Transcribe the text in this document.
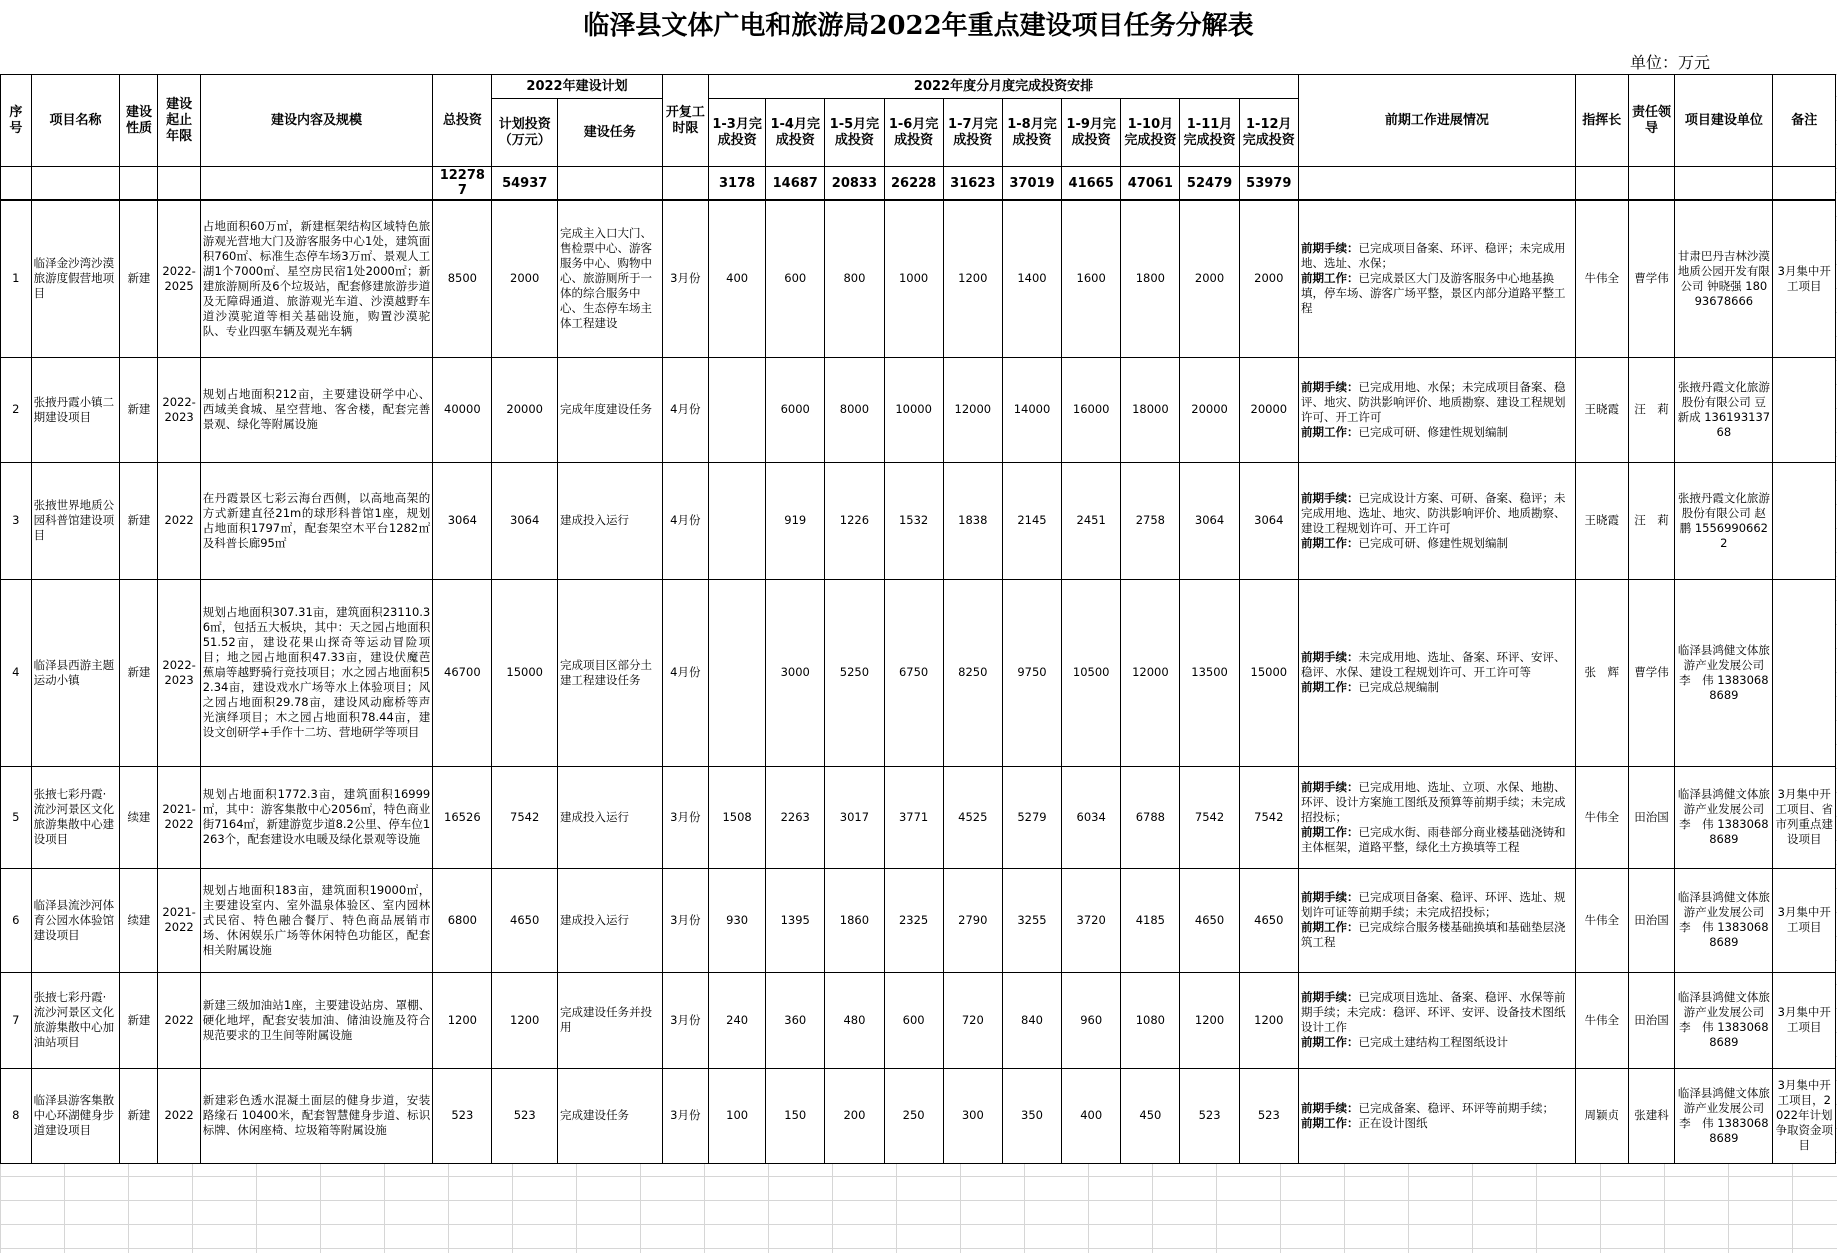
临泽县文体广电和旅游局2022年重点建设项目任务分解表
单位：万元
序号	项目名称	建设性质	建设起止年限	建设内容及规模	总投资	2022年建设计划		开复工时限	2022年度分月度完成投资安排										前期工作进展情况	指挥长	责任领导	项目建设单位	备注
						计划投资（万元）	建设任务		1-3月完成投资	1-4月完成投资	1-5月完成投资	1-6月完成投资	1-7月完成投资	1-8月完成投资	1-9月完成投资	1-10月完成投资	1-11月完成投资	1-12月完成投资					
					122787	54937			3178	14687	20833	26228	31623	37019	41665	47061	52479	53979					
1	临泽金沙湾沙漠旅游度假营地项目	新建	2022-2025	占地面积60万㎡，新建框架结构区域特色旅游观光营地大门及游客服务中心1处，建筑面积760㎡、标准生态停车场3万㎡、景观人工湖1个7000㎡、星空房民宿1处2000㎡；新建旅游厕所及6个垃圾站，配套修建旅游步道及无障碍通道、旅游观光车道、沙漠越野车道沙漠驼道等相关基础设施，购置沙漠驼队、专业四驱车辆及观光车辆	8500	2000	完成主入口大门、售检票中心、游客服务中心、购物中心、旅游厕所于一体的综合服务中心、生态停车场主体工程建设	3月份	400	600	800	1000	1200	1400	1600	1800	2000	2000	前期手续：已完成项目备案、环评、稳评；未完成用地、选址、水保；
前期工作：已完成景区大门及游客服务中心地基换填，停车场、游客广场平整，景区内部分道路平整工程	牛伟全	曹学伟	甘肃巴丹吉林沙漠地质公园开发有限公司 钟晓强 18093678666	3月集中开工项目
2	张掖丹霞小镇二期建设项目	新建	2022-2023	规划占地面积212亩，主要建设研学中心、西域美食城、星空营地、客舍楼，配套完善景观、绿化等附属设施	40000	20000	完成年度建设任务	4月份		6000	8000	10000	12000	14000	16000	18000	20000	20000	前期手续：已完成用地、水保；未完成项目备案、稳评、地灾、防洪影响评价、地质勘察、建设工程规划许可、开工许可
前期工作：已完成可研、修建性规划编制	王晓霞	汪　莉	张掖丹霞文化旅游股份有限公司 豆新成 13619313768	
3	张掖世界地质公园科普馆建设项目	新建	2022	在丹霞景区七彩云海台西侧，以高地高架的方式新建直径21m的球形科普馆1座，规划占地面积1797㎡，配套架空木平台1282㎡及科普长廊95㎡	3064	3064	建成投入运行	4月份		919	1226	1532	1838	2145	2451	2758	3064	3064	前期手续：已完成设计方案、可研、备案、稳评；未完成用地、选址、地灾、防洪影响评价、地质勘察、建设工程规划许可、开工许可
前期工作：已完成可研、修建性规划编制	王晓霞	汪　莉	张掖丹霞文化旅游股份有限公司 赵　鹏 15569906622	
4	临泽县西游主题运动小镇	新建	2022-2023	规划占地面积307.31亩，建筑面积23110.36㎡，包括五大板块，其中：天之园占地面积51.52亩，建设花果山探奇等运动冒险项目；地之园占地面积47.33亩，建设伏魔芭蕉扇等越野骑行竞技项目；水之园占地面积52.34亩，建设戏水广场等水上体验项目；风之园占地面积29.78亩，建设风动廊桥等声光演绎项目；木之园占地面积78.44亩，建设文创研学+手作十二坊、营地研学等项目	46700	15000	完成项目区部分土建工程建设任务	4月份		3000	5250	6750	8250	9750	10500	12000	13500	15000	前期手续：未完成用地、选址、备案、环评、安评、稳评、水保、建设工程规划许可、开工许可等
前期工作：已完成总规编制	张　辉	曹学伟	临泽县鸿健文体旅游产业发展公司 李　伟 13830688689	
5	张掖七彩丹霞·流沙河景区文化旅游集散中心建设项目	续建	2021-2022	规划占地面积1772.3亩，建筑面积16999㎡，其中：游客集散中心2056㎡，特色商业街7164㎡，新建游览步道8.2公里、停车位1263个，配套建设水电暖及绿化景观等设施	16526	7542	建成投入运行	3月份	1508	2263	3017	3771	4525	5279	6034	6788	7542	7542	前期手续：已完成用地、选址、立项、水保、地勘、环评、设计方案施工图纸及预算等前期手续；未完成招投标；
前期工作：已完成水街、雨巷部分商业楼基础浇铸和主体框架，道路平整，绿化土方换填等工程	牛伟全	田治国	临泽县鸿健文体旅游产业发展公司 李　伟 13830688689	3月集中开工项目、省市列重点建设项目
6	临泽县流沙河体育公园水体验馆建设项目	续建	2021-2022	规划占地面积183亩，建筑面积19000㎡，主要建设室内、室外温泉体验区、室内园林式民宿、特色融合餐厅、特色商品展销市场、休闲娱乐广场等休闲特色功能区，配套相关附属设施	6800	4650	建成投入运行	3月份	930	1395	1860	2325	2790	3255	3720	4185	4650	4650	前期手续：已完成项目备案、稳评、环评、选址、规划许可证等前期手续；未完成招投标；
前期工作：已完成综合服务楼基础换填和基础垫层浇筑工程	牛伟全	田治国	临泽县鸿健文体旅游产业发展公司 李　伟 13830688689	3月集中开工项目
7	张掖七彩丹霞·流沙河景区文化旅游集散中心加油站项目	新建	2022	新建三级加油站1座，主要建设站房、罩棚、硬化地坪，配套安装加油、储油设施及符合规范要求的卫生间等附属设施	1200	1200	完成建设任务并投用	3月份	240	360	480	600	720	840	960	1080	1200	1200	前期手续：已完成项目选址、备案、稳评、水保等前期手续；未完成：稳评、环评、安评、设备技术图纸设计工作
前期工作：已完成土建结构工程图纸设计	牛伟全	田治国	临泽县鸿健文体旅游产业发展公司 李　伟 13830688689	3月集中开工项目
8	临泽县游客集散中心环湖健身步道建设项目	新建	2022	新建彩色透水混凝土面层的健身步道，安装路缘石 10400米，配套智慧健身步道、标识标牌、休闲座椅、垃圾箱等附属设施	523	523	完成建设任务	3月份	100	150	200	250	300	350	400	450	523	523	前期手续：已完成备案、稳评、环评等前期手续；
前期工作：正在设计图纸	周颖贞	张建科	临泽县鸿健文体旅游产业发展公司 李　伟 13830688689	3月集中开工项目，2022年计划争取资金项目
